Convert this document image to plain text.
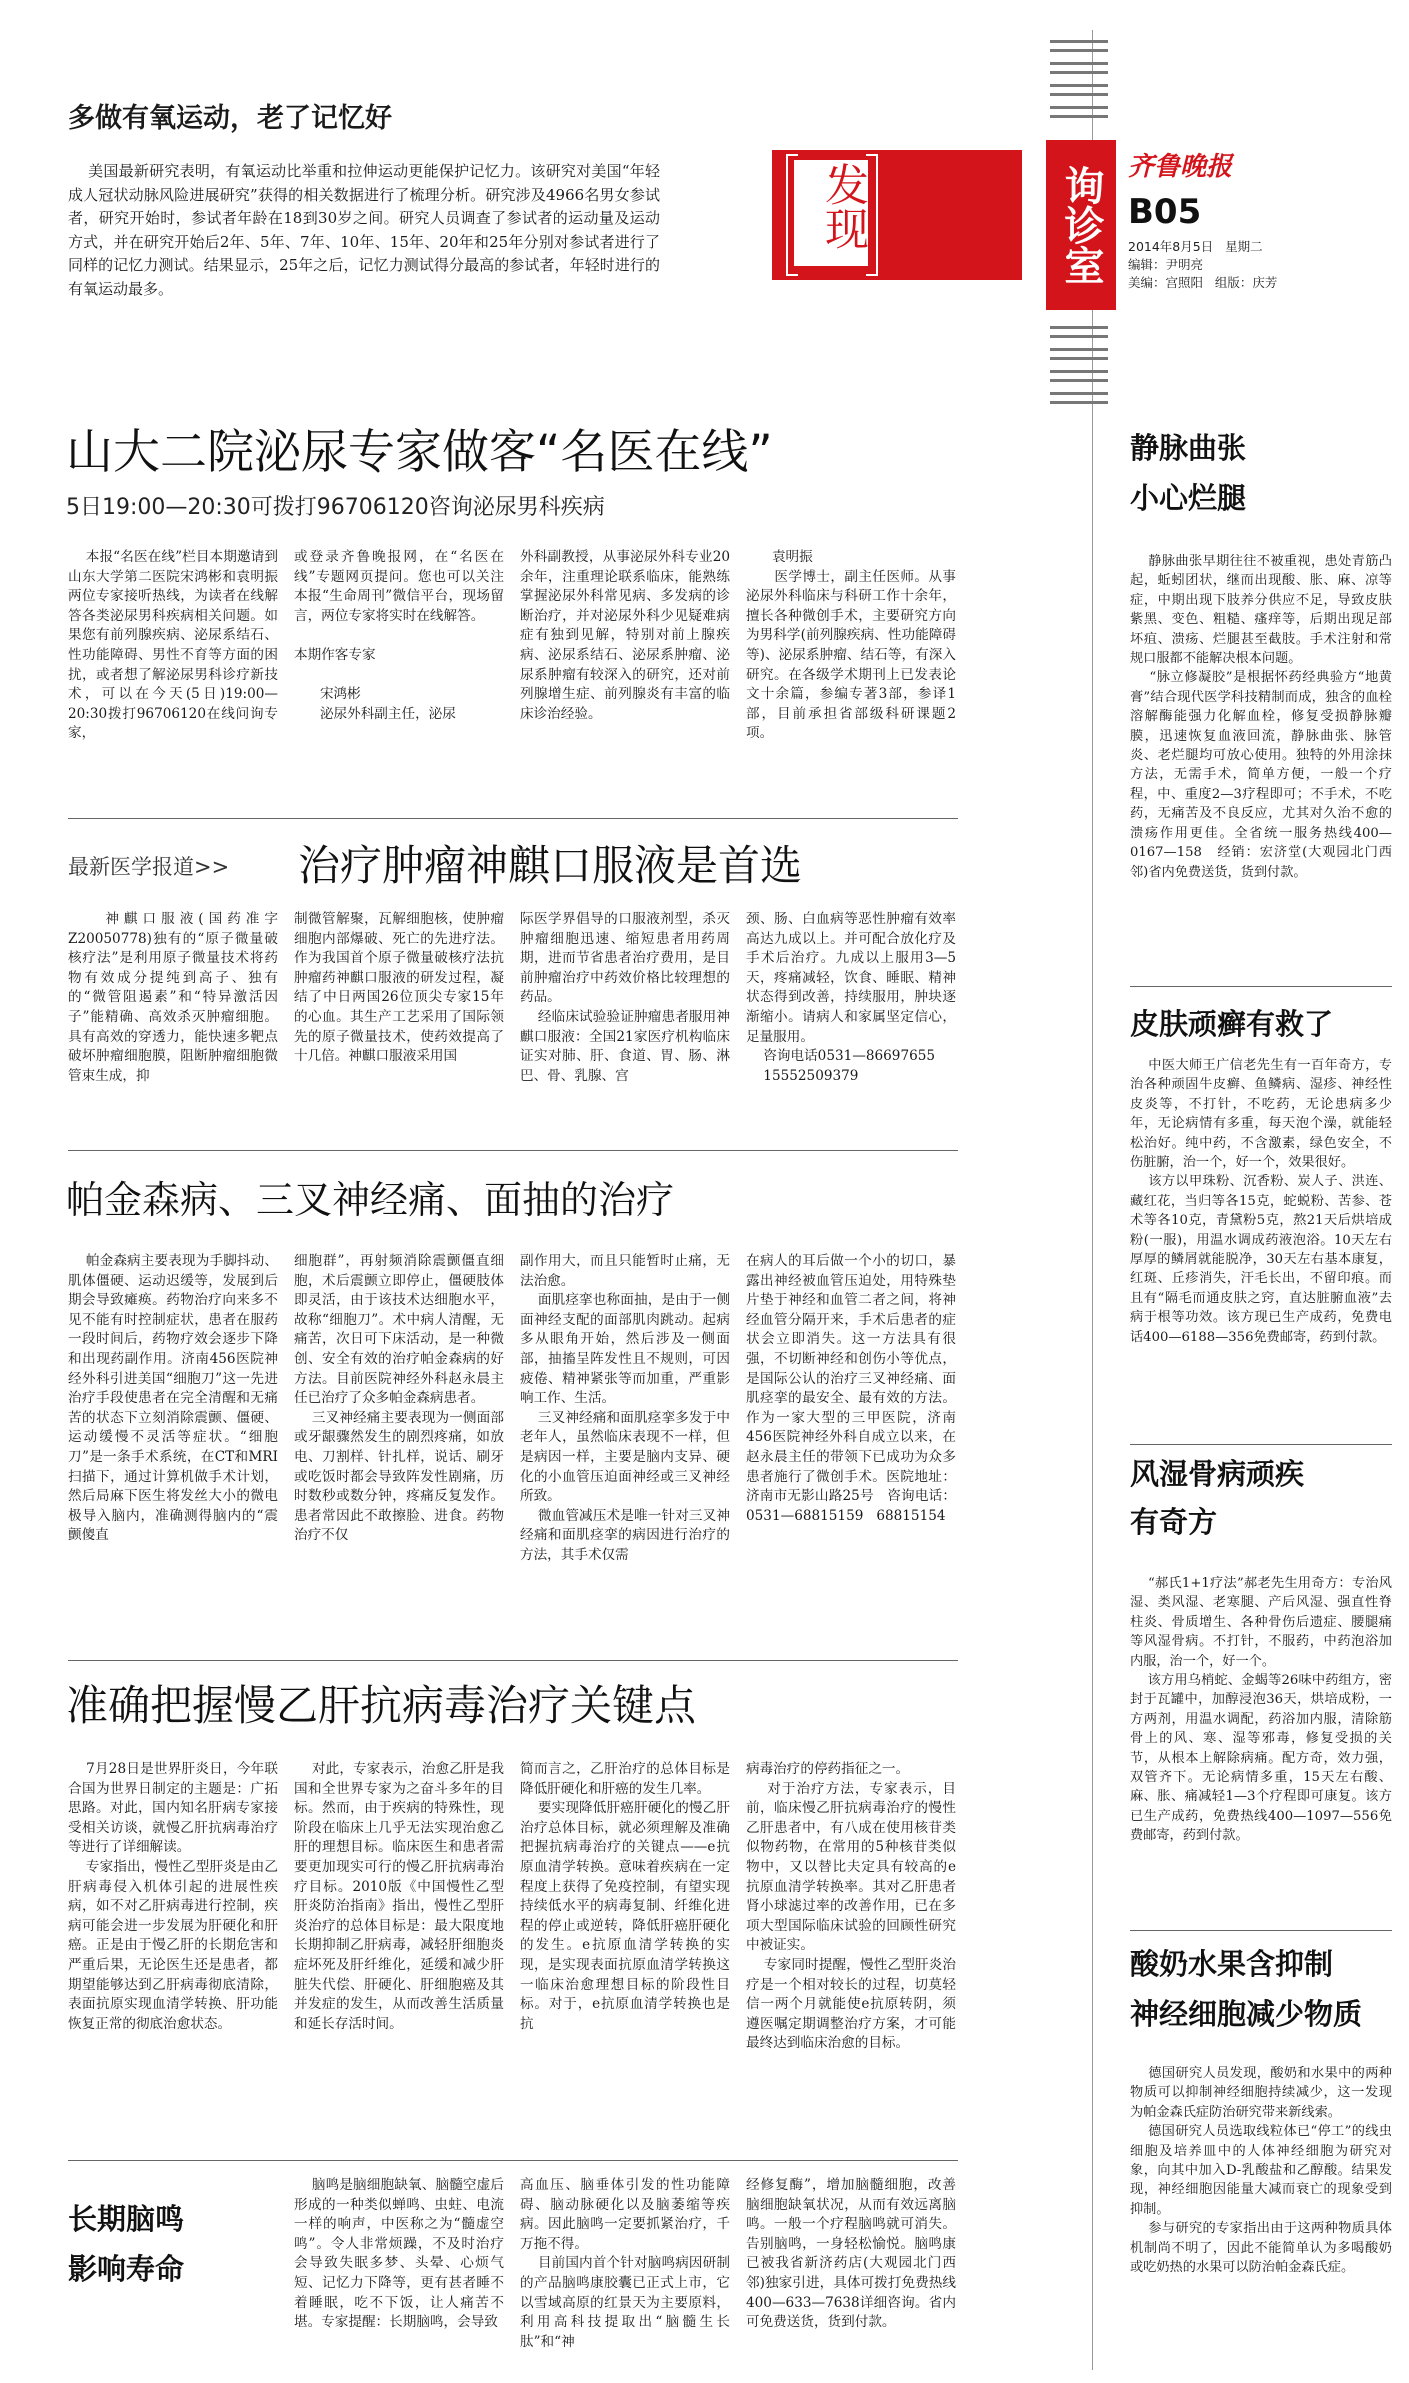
多做有氧运动，老了记忆好

美国最新研究表明，有氧运动比举重和拉伸运动更能保护记忆力。该研究对美国“年轻成人冠状动脉风险进展研究”获得的相关数据进行了梳理分析。研究涉及4966名男女参试者，研究开始时，参试者年龄在18到30岁之间。研究人员调查了参试者的运动量及运动方式，并在研究开始后2年、5年、7年、10年、15年、20年和25年分别对参试者进行了同样的记忆力测试。结果显示，25年之后，记忆力测试得分最高的参试者，年轻时进行的有氧运动最多。

发现	询诊室 齐鲁晚报
B05
2014年8月5日   星期二
编辑：尹明亮
美编：宫照阳   组版：庆芳
山大二院泌尿专家做客“名医在线”
5日19:00—20:30可拨打96706120咨询泌尿男科疾病

本报“名医在线”栏目本期邀请到山东大学第二医院宋鸿彬和袁明振两位专家接听热线，为读者在线解答各类泌尿男科疾病相关问题。如果您有前列腺疾病、泌尿系结石、性功能障碍、男性不育等方面的困扰，或者想了解泌尿男科诊疗新技术，可以在今天(5日)19:00—20:30拨打96706120在线问询专家，

或登录齐鲁晚报网，在“名医在线”专题网页提问。您也可以关注本报“生命周刊”微信平台，现场留言，两位专家将实时在线解答。

本期作客专家

宋鸿彬
泌尿外科副主任，泌尿

外科副教授，从事泌尿外科专业20余年，注重理论联系临床，能熟练掌握泌尿外科常见病、多发病的诊断治疗，并对泌尿外科少见疑难病症有独到见解，特别对前上腺疾病、泌尿系结石、泌尿系肿瘤、泌尿系肿瘤有较深入的研究，还对前列腺增生症、前列腺炎有丰富的临床诊治经验。

袁明振
医学博士，副主任医师。从事泌尿外科临床与科研工作十余年，擅长各种微创手术，主要研究方向为男科学(前列腺疾病、性功能障碍等)、泌尿系肿瘤、结石等，有深入研究。在各级学术期刊上已发表论文十余篇，参编专著3部，参译1部，目前承担省部级科研课题2项。

最新医学报道>> 治疗肿瘤神麒口服液是首选

神麒口服液(国药准字Z20050778)独有的“原子微量破核疗法”是利用原子微量技术将药物有效成分提纯到高子、独有的“微管阻遏素”和“特异激活因子”能精确、高效杀灭肿瘤细胞。具有高效的穿透力，能快速多靶点破坏肿瘤细胞膜，阻断肿瘤细胞微管束生成，抑

制微管解聚，瓦解细胞核，使肿瘤细胞内部爆破、死亡的先进疗法。作为我国首个原子微量破核疗法抗肿瘤药神麒口服液的研发过程，凝结了中日两国26位顶尖专家15年的心血。其生产工艺采用了国际领先的原子微量技术，使药效提高了十几倍。神麒口服液采用国

际医学界倡导的口服液剂型，杀灭肿瘤细胞迅速、缩短患者用药周期，进而节省患者治疗费用，是目前肿瘤治疗中药效价格比较理想的药品。
经临床试验验证肿瘤患者服用神麒口服液：全国21家医疗机构临床证实对肺、肝、食道、胃、肠、淋巴、骨、乳腺、宫

颈、肠、白血病等恶性肿瘤有效率高达九成以上。并可配合放化疗及手术后治疗。九成以上服用3—5天，疼痛减轻，饮食、睡眠、精神状态得到改善，持续服用，肿块逐渐缩小。请病人和家属坚定信心，足量服用。
咨询电话0531—86697655
15552509379

帕金森病、三叉神经痛、面抽的治疗

帕金森病主要表现为手脚抖动、肌体僵硬、运动迟缓等，发展到后期会导致瘫痪。药物治疗向来多不见不能有时控制症状，患者在服药一段时间后，药物疗效会逐步下降和出现药副作用。济南456医院神经外科引进美国“细胞刀”这一先进治疗手段使患者在完全清醒和无痛苦的状态下立刻消除震颤、僵硬、运动缓慢不灵活等症状。“细胞刀”是一条手术系统，在CT和MRI扫描下，通过计算机做手术计划，然后局麻下医生将发丝大小的微电极导入脑内，准确测得脑内的“震颤傻直

细胞群”，再射频消除震颤僵直细胞，术后震颤立即停止，僵硬肢体即灵活，由于该技术达细胞水平，故称“细胞刀”。术中病人清醒，无痛苦，次日可下床活动，是一种微创、安全有效的治疗帕金森病的好方法。目前医院神经外科赵永晨主任已治疗了众多帕金森病患者。
三叉神经痛主要表现为一侧面部或牙龈骤然发生的剧烈疼痛，如放电、刀割样、针扎样，说话、刷牙或吃饭时都会导致阵发性剧痛，历时数秒或数分钟，疼痛反复发作。患者常因此不敢擦脸、进食。药物治疗不仅

副作用大，而且只能暂时止痛，无法治愈。
面肌痉挛也称面抽，是由于一侧面神经支配的面部肌肉跳动。起病多从眼角开始，然后涉及一侧面部，抽搐呈阵发性且不规则，可因疲倦、精神紧张等而加重，严重影响工作、生活。
三叉神经痛和面肌痉挛多发于中老年人，虽然临床表现不一样，但是病因一样，主要是脑内支异、硬化的小血管压迫面神经或三叉神经所致。
微血管减压术是唯一针对三叉神经痛和面肌痉挛的病因进行治疗的方法，其手术仅需

在病人的耳后做一个小的切口，暴露出神经被血管压迫处，用特殊垫片垫于神经和血管二者之间，将神经血管分隔开来，手术后患者的症状会立即消失。这一方法具有很强，不切断神经和创伤小等优点，是国际公认的治疗三叉神经痛、面肌痉挛的最安全、最有效的方法。作为一家大型的三甲医院，济南456医院神经外科自成立以来，在赵永晨主任的带领下已成功为众多患者施行了微创手术。医院地址：济南市无影山路25号   咨询电话：0531—68815159   68815154

准确把握慢乙肝抗病毒治疗关键点

7月28日是世界肝炎日，今年联合国为世界日制定的主题是：广拓思路。对此，国内知名肝病专家接受相关访谈，就慢乙肝抗病毒治疗等进行了详细解读。
专家指出，慢性乙型肝炎是由乙肝病毒侵入机体引起的进展性疾病，如不对乙肝病毒进行控制，疾病可能会进一步发展为肝硬化和肝癌。正是由于慢乙肝的长期危害和严重后果，无论医生还是患者，都期望能够达到乙肝病毒彻底清除，表面抗原实现血清学转换、肝功能恢复正常的彻底治愈状态。

对此，专家表示，治愈乙肝是我国和全世界专家为之奋斗多年的目标。然而，由于疾病的特殊性，现阶段在临床上几乎无法实现治愈乙肝的理想目标。临床医生和患者需要更加现实可行的慢乙肝抗病毒治疗目标。2010版《中国慢性乙型肝炎防治指南》指出，慢性乙型肝炎治疗的总体目标是：最大限度地长期抑制乙肝病毒，减轻肝细胞炎症坏死及肝纤维化，延缓和减少肝脏失代偿、肝硬化、肝细胞癌及其并发症的发生，从而改善生活质量和延长存活时间。

简而言之，乙肝治疗的总体目标是降低肝硬化和肝癌的发生几率。
要实现降低肝癌肝硬化的慢乙肝治疗总体目标，就必须理解及准确把握抗病毒治疗的关键点——e抗原血清学转换。意味着疾病在一定程度上获得了免疫控制，有望实现持续低水平的病毒复制、纤维化进程的停止或逆转，降低肝癌肝硬化的发生。e抗原血清学转换的实现，是实现表面抗原血清学转换这一临床治愈理想目标的阶段性目标。对于，e抗原血清学转换也是抗

病毒治疗的停药指征之一。
对于治疗方法，专家表示，目前，临床慢乙肝抗病毒治疗的慢性乙肝患者中，有八成在使用核苷类似物药物，在常用的5种核苷类似物中，又以替比夫定具有较高的e抗原血清学转换率。其对乙肝患者肾小球滤过率的改善作用，已在多项大型国际临床试验的回顾性研究中被证实。
专家同时提醒，慢性乙型肝炎治疗是一个相对较长的过程，切莫轻信一两个月就能使e抗原转阴，须遵医嘱定期调整治疗方案，才可能最终达到临床治愈的目标。

长期脑鸣影响寿命

脑鸣是脑细胞缺氧、脑髓空虚后形成的一种类似蝉鸣、虫蛀、电流一样的响声，中医称之为“髓虚空鸣”。令人非常烦躁，不及时治疗会导致失眠多梦、头晕、心烦气短、记忆力下降等，更有甚者睡不着睡眠，吃不下饭，让人痛苦不堪。专家提醒：长期脑鸣，会导致

高血压、脑垂体引发的性功能障碍、脑动脉硬化以及脑萎缩等疾病。因此脑鸣一定要抓紧治疗，千万拖不得。
目前国内首个针对脑鸣病因研制的产品脑鸣康胶囊已正式上市，它以雪域高原的红景天为主要原料，利用高科技提取出“脑髓生长肽”和“神

经修复酶”，增加脑髓细胞，改善脑细胞缺氧状况，从而有效远离脑鸣。一般一个疗程脑鸣就可消失。告别脑鸣，一身轻松愉悦。脑鸣康已被我省新济药店(大观园北门西邻)独家引进，具体可拨打免费热线400—633—7638详细咨询。省内可免费送货，货到付款。

静脉曲张
小心烂腿

静脉曲张早期往往不被重视，患处青筋凸起，蚯蚓团状，继而出现酸、胀、麻、凉等症，中期出现下肢养分供应不足，导致皮肤紫黑、变色、粗糙、瘙痒等，后期出现足部坏疽、溃疡、烂腿甚至截肢。手术注射和常规口服都不能解决根本问题。
“脉立修凝胶”是根据怀药经典验方“地黄膏”结合现代医学科技精制而成，独含的血栓溶解酶能强力化解血栓，修复受损静脉瓣膜，迅速恢复血液回流，静脉曲张、脉管炎、老烂腿均可放心使用。独特的外用涂抹方法，无需手术，简单方便，一般一个疗程，中、重度2—3疗程即可；不手术，不吃药，无痛苦及不良反应，尤其对久治不愈的溃疡作用更佳。全省统一服务热线400—0167—158   经销：宏济堂(大观园北门西邻)省内免费送货，货到付款。

皮肤顽癣有救了

中医大师王广信老先生有一百年奇方，专治各种顽固牛皮癣、鱼鳞病、湿疹、神经性皮炎等，不打针，不吃药，无论患病多少年，无论病情有多重，每天泡个澡，就能轻松治好。纯中药，不含激素，绿色安全，不伤脏腑，治一个，好一个，效果很好。
该方以甲珠粉、沉香粉、炭人子、洪连、藏红花，当归等各15克，蛇蜕粉、苦参、苍术等各10克，青黛粉5克，熬21天后烘培成粉(一服)，用温水调成药液泡浴。10天左右厚厚的鳞屑就能脱净，30天左右基本康复，红斑、丘疹消失，汗毛长出，不留印痕。而且有“隔毛而通皮肤之窍，直达脏腑血液”去病于根等功效。该方现已生产成药，免费电话400—6188—356免费邮寄，药到付款。

风湿骨病顽疾
有奇方

“郝氏1+1疗法”郝老先生用奇方：专治风湿、类风湿、老寒腿、产后风湿、强直性脊柱炎、骨质增生、各种骨伤后遗症、腰腿痛等风湿骨病。不打针，不服药，中药泡浴加内服，治一个，好一个。
该方用乌梢蛇、金蝎等26味中药组方，密封于瓦罐中，加醇浸泡36天，烘培成粉，一方两剂，用温水调配，药浴加内服，清除筋骨上的风、寒、湿等邪毒，修复受损的关节，从根本上解除病痛。配方奇，效力强，双管齐下。无论病情多重，15天左右酸、麻、胀、痛减轻1—3个疗程即可康复。该方已生产成药，免费热线400—1097—556免费邮寄，药到付款。

酸奶水果含抑制
神经细胞减少物质

德国研究人员发现，酸奶和水果中的两种物质可以抑制神经细胞持续减少，这一发现为帕金森氏症防治研究带来新线索。
德国研究人员选取线粒体已“停工”的线虫细胞及培养皿中的人体神经细胞为研究对象，向其中加入D-乳酸盐和乙醇酸。结果发现，神经细胞因能量大减而衰亡的现象受到抑制。
参与研究的专家指出由于这两种物质具体机制尚不明了，因此不能简单认为多喝酸奶或吃奶热的水果可以防治帕金森氏症。
